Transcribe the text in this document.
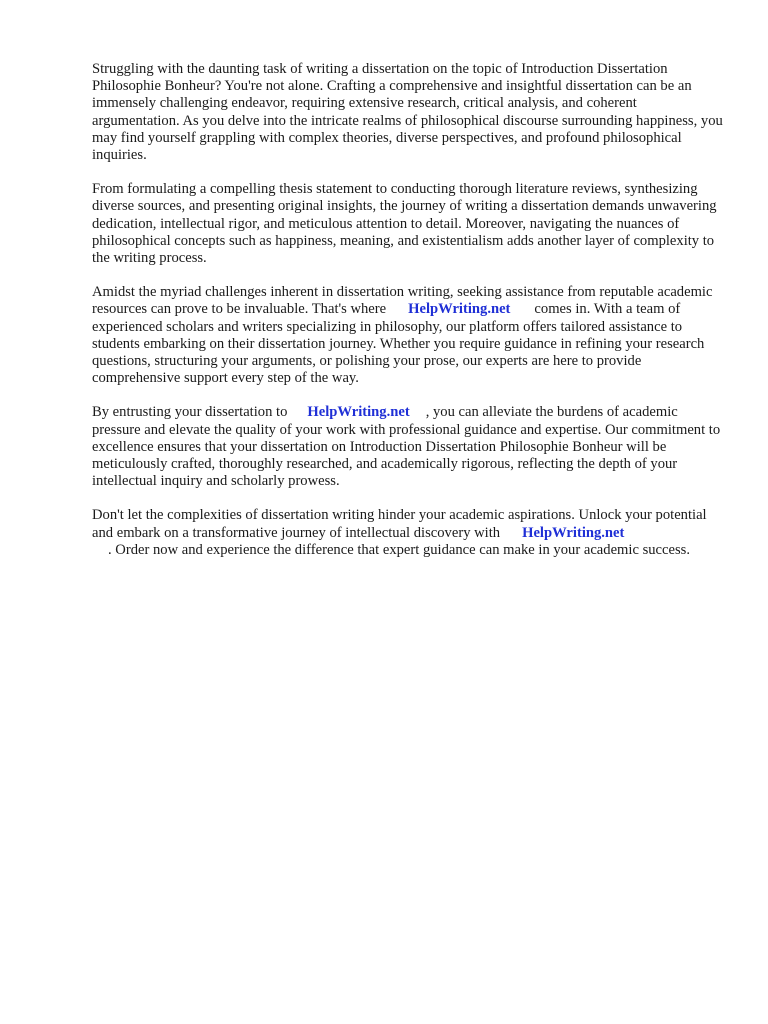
Struggling with the daunting task of writing a dissertation on the topic of Introduction Dissertation Philosophie Bonheur? You're not alone. Crafting a comprehensive and insightful dissertation can be an immensely challenging endeavor, requiring extensive research, critical analysis, and coherent argumentation. As you delve into the intricate realms of philosophical discourse surrounding happiness, you may find yourself grappling with complex theories, diverse perspectives, and profound philosophical inquiries.

From formulating a compelling thesis statement to conducting thorough literature reviews, synthesizing diverse sources, and presenting original insights, the journey of writing a dissertation demands unwavering dedication, intellectual rigor, and meticulous attention to detail. Moreover, navigating the nuances of philosophical concepts such as happiness, meaning, and existentialism adds another layer of complexity to the writing process.

Amidst the myriad challenges inherent in dissertation writing, seeking assistance from reputable academic resources can prove to be invaluable. That's where HelpWriting.net comes in. With a team of experienced scholars and writers specializing in philosophy, our platform offers tailored assistance to students embarking on their dissertation journey. Whether you require guidance in refining your research questions, structuring your arguments, or polishing your prose, our experts are here to provide comprehensive support every step of the way.

By entrusting your dissertation to HelpWriting.net , you can alleviate the burdens of academic pressure and elevate the quality of your work with professional guidance and expertise. Our commitment to excellence ensures that your dissertation on Introduction Dissertation Philosophie Bonheur will be meticulously crafted, thoroughly researched, and academically rigorous, reflecting the depth of your intellectual inquiry and scholarly prowess.

Don't let the complexities of dissertation writing hinder your academic aspirations. Unlock your potential and embark on a transformative journey of intellectual discovery with HelpWriting.net
. Order now and experience the difference that expert guidance can make in your academic success.
